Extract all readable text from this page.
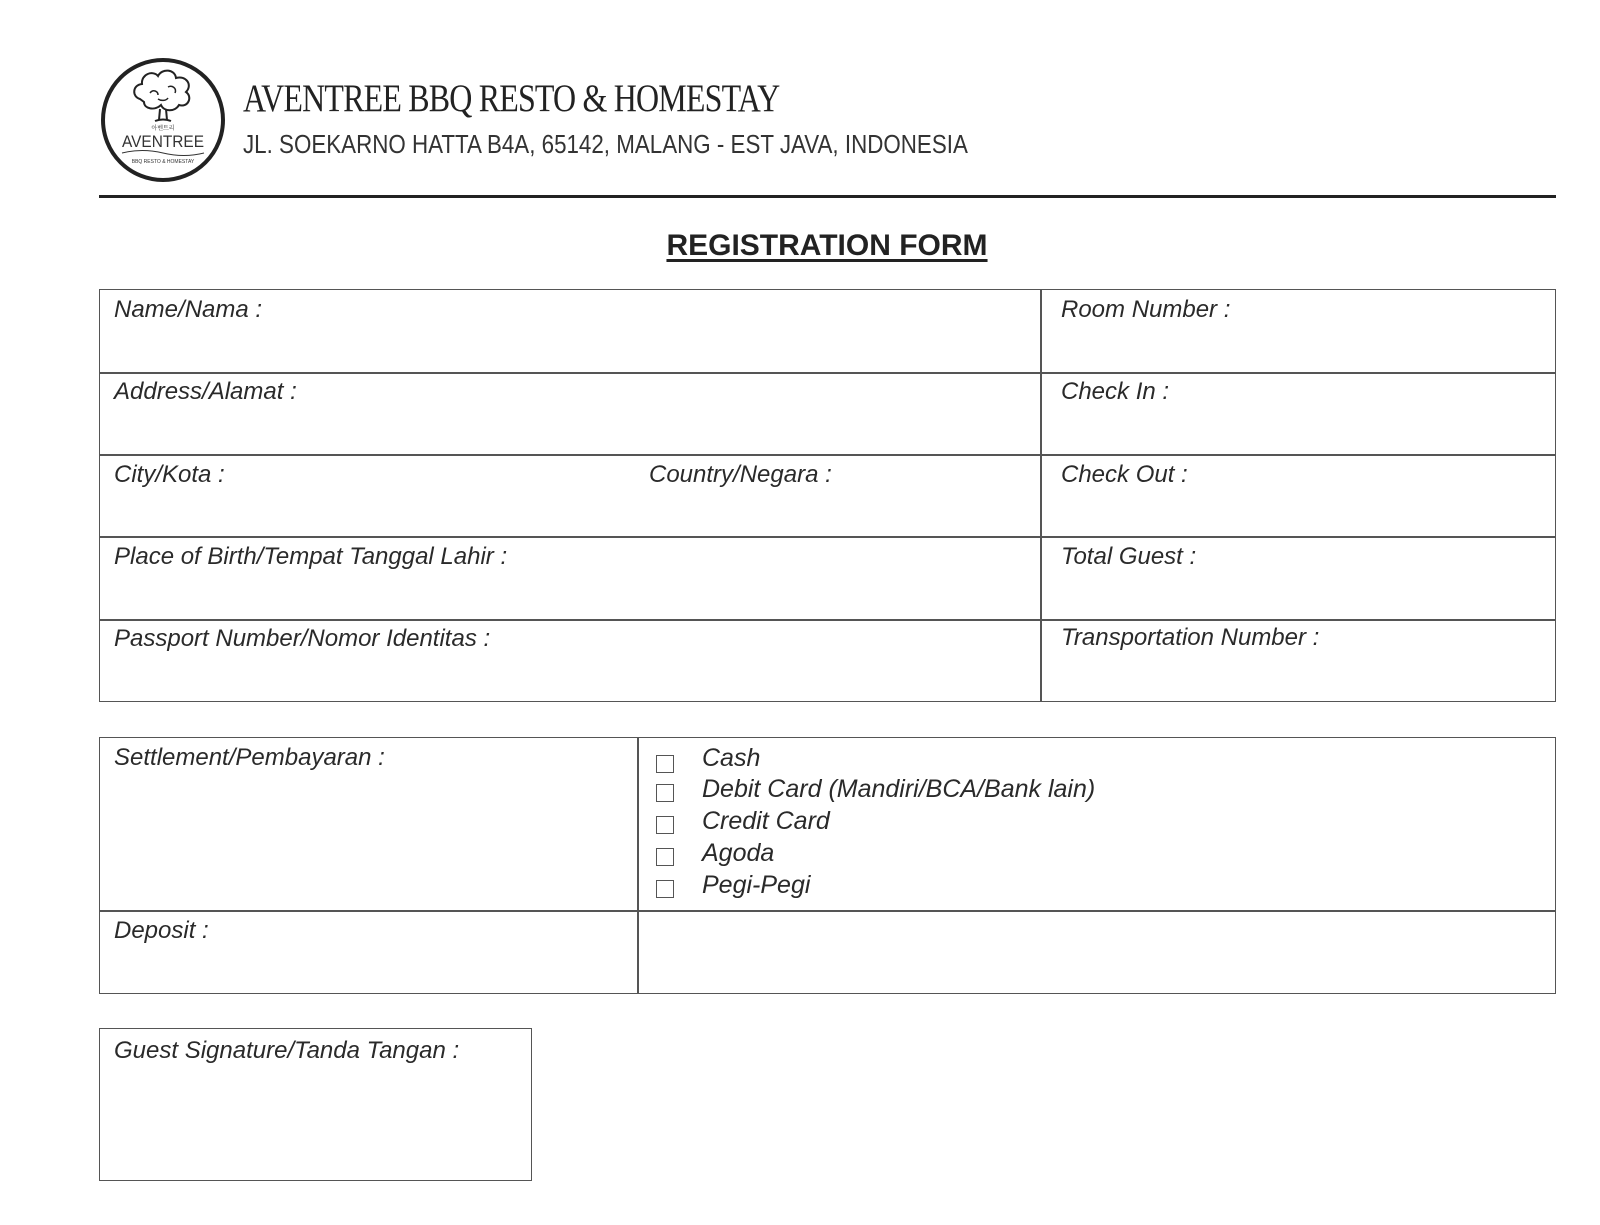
아벤트리
AVENTREE
BBQ RESTO & HOMESTAY
AVENTREE BBQ RESTO & HOMESTAY
JL. SOEKARNO HATTA B4A, 65142, MALANG - EST JAVA, INDONESIA
REGISTRATION FORM
Name/Nama :	Room Number :
Address/Alamat :	Check In :
City/Kota :	Country/Negara :	Check Out :
Place of Birth/Tempat Tanggal Lahir :	Total Guest :
Passport Number/Nomor Identitas :	Transportation Number :
Settlement/Pembayaran :	Cash
Debit Card (Mandiri/BCA/Bank lain)
Credit Card
Agoda
Pegi-Pegi
Deposit :
Guest Signature/Tanda Tangan :
